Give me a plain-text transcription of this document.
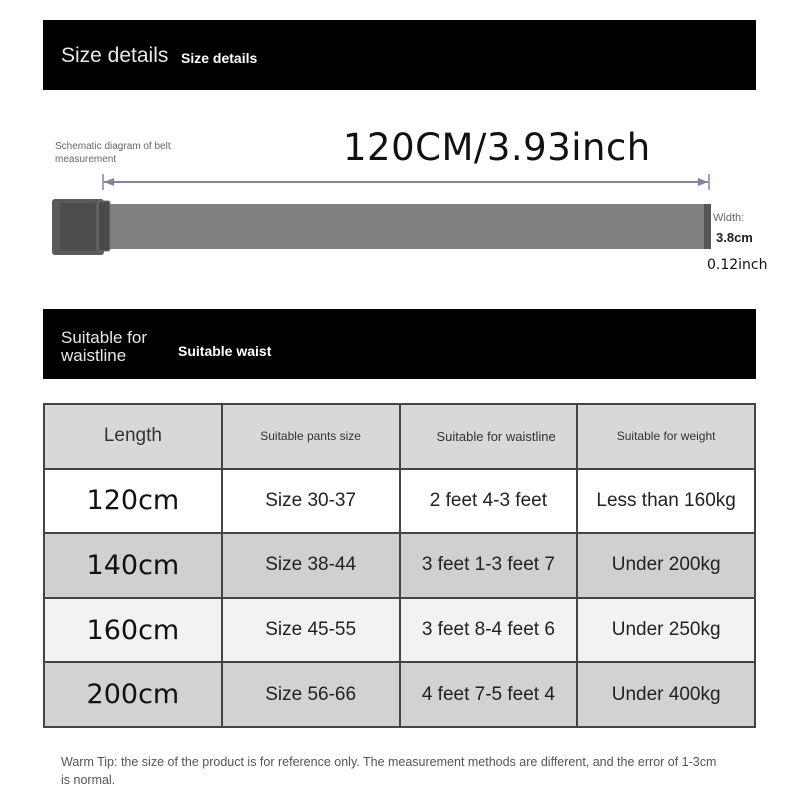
Size details Size details
Schematic diagram of belt measurement	120CM/3.93inch
Width:
3.8cm
0.12inch
Suitable for waistline	Suitable waist
Length	Suitable pants size	Suitable for waistline	Suitable for weight
120cm	Size 30-37	2 feet 4-3 feet	Less than 160kg
140cm	Size 38-44	3 feet 1-3 feet 7	Under 200kg
160cm	Size 45-55	3 feet 8-4 feet 6	Under 250kg
200cm	Size 56-66	4 feet 7-5 feet 4	Under 400kg
Warm Tip: the size of the product is for reference only. The measurement methods are different, and the error of 1-3cm is normal.
